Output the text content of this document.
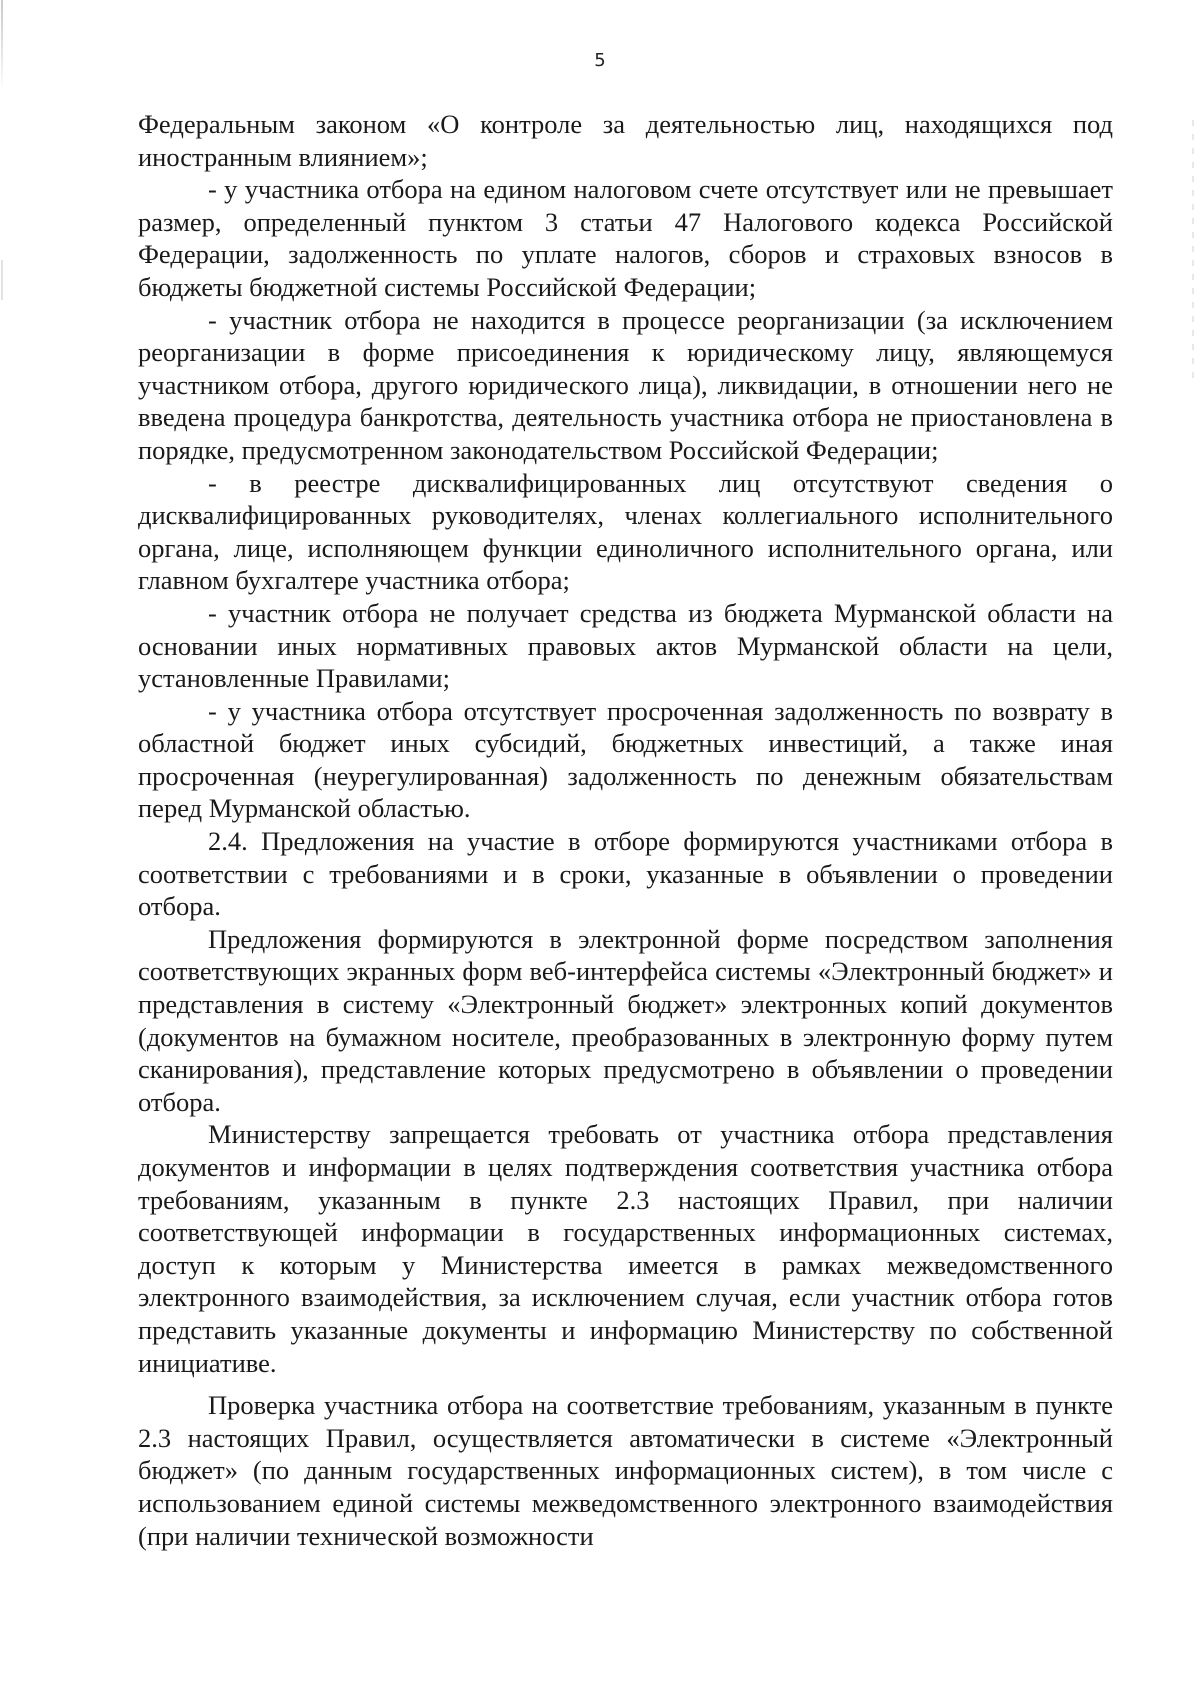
5

Федеральным законом «О контроле за деятельностью лиц, находящихся под иностранным влиянием»;

- у участника отбора на едином налоговом счете отсутствует или не превышает размер, определенный пунктом 3 статьи 47 Налогового кодекса Российской Федерации, задолженность по уплате налогов, сборов и страховых взносов в бюджеты бюджетной системы Российской Федерации;

- участник отбора не находится в процессе реорганизации (за исключением реорганизации в форме присоединения к юридическому лицу, являющемуся участником отбора, другого юридического лица), ликвидации, в отношении него не введена процедура банкротства, деятельность участника отбора не приостановлена в порядке, предусмотренном законодательством Российской Федерации;

- в реестре дисквалифицированных лиц отсутствуют сведения о дисквалифицированных руководителях, членах коллегиального исполнительного органа, лице, исполняющем функции единоличного исполнительного органа, или главном бухгалтере участника отбора;

- участник отбора не получает средства из бюджета Мурманской области на основании иных нормативных правовых актов Мурманской области на цели, установленные Правилами;

- у участника отбора отсутствует просроченная задолженность по возврату в областной бюджет иных субсидий, бюджетных инвестиций, а также иная просроченная (неурегулированная) задолженность по денежным обязательствам перед Мурманской областью.

2.4. Предложения на участие в отборе формируются участниками отбора в соответствии с требованиями и в сроки, указанные в объявлении о проведении отбора.

Предложения формируются в электронной форме посредством заполнения соответствующих экранных форм веб-интерфейса системы «Электронный бюджет» и представления в систему «Электронный бюджет» электронных копий документов (документов на бумажном носителе, преобразованных в электронную форму путем сканирования), представление которых предусмотрено в объявлении о проведении отбора.

Министерству запрещается требовать от участника отбора представления документов и информации в целях подтверждения соответствия участника отбора требованиям, указанным в пункте 2.3 настоящих Правил, при наличии соответствующей информации в государственных информационных системах, доступ к которым у Министерства имеется в рамках межведомственного электронного взаимодействия, за исключением случая, если участник отбора готов представить указанные документы и информацию Министерству по собственной инициативе.

Проверка участника отбора на соответствие требованиям, указанным в пункте 2.3 настоящих Правил, осуществляется автоматически в системе «Электронный бюджет» (по данным государственных информационных систем), в том числе с использованием единой системы межведомственного электронного взаимодействия (при наличии технической возможности
